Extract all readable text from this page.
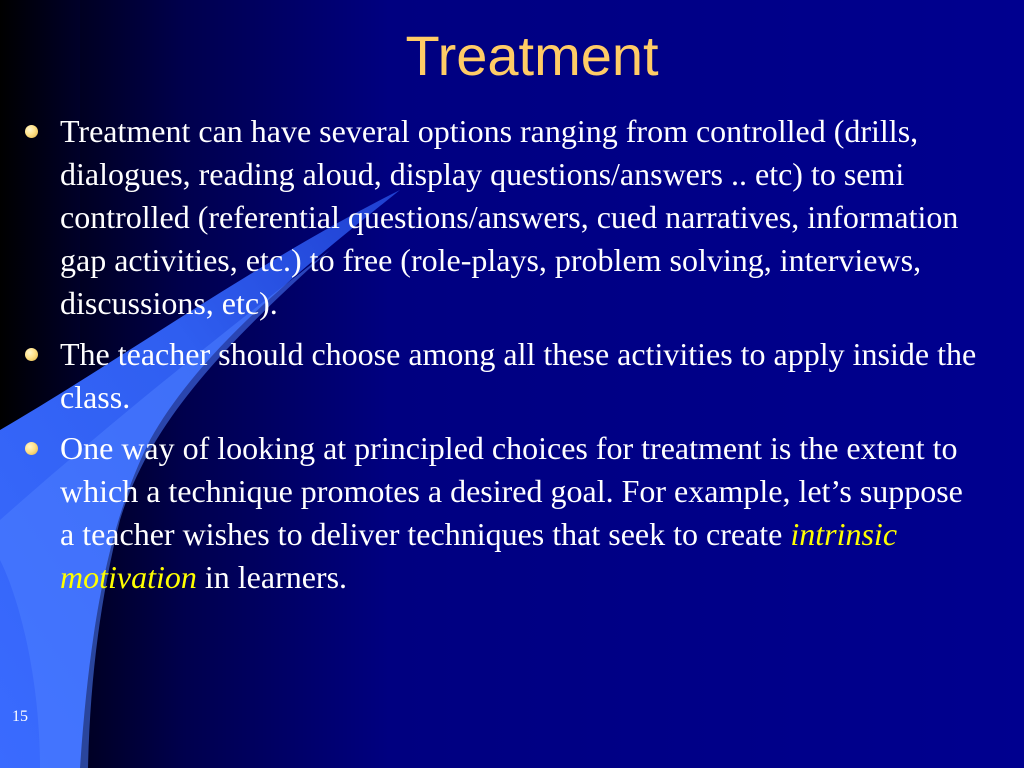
Treatment
Treatment can have several options ranging from controlled (drills, dialogues, reading aloud, display questions/answers .. etc) to semi controlled (referential questions/answers, cued narratives, information gap activities, etc.) to free (role-plays, problem solving, interviews, discussions, etc).
The teacher should choose among all these activities to apply inside the class.
One way of looking at principled choices for treatment is the extent to which a technique promotes a desired goal. For example, let’s suppose a teacher wishes to deliver techniques that seek to create intrinsic motivation in learners.
15
